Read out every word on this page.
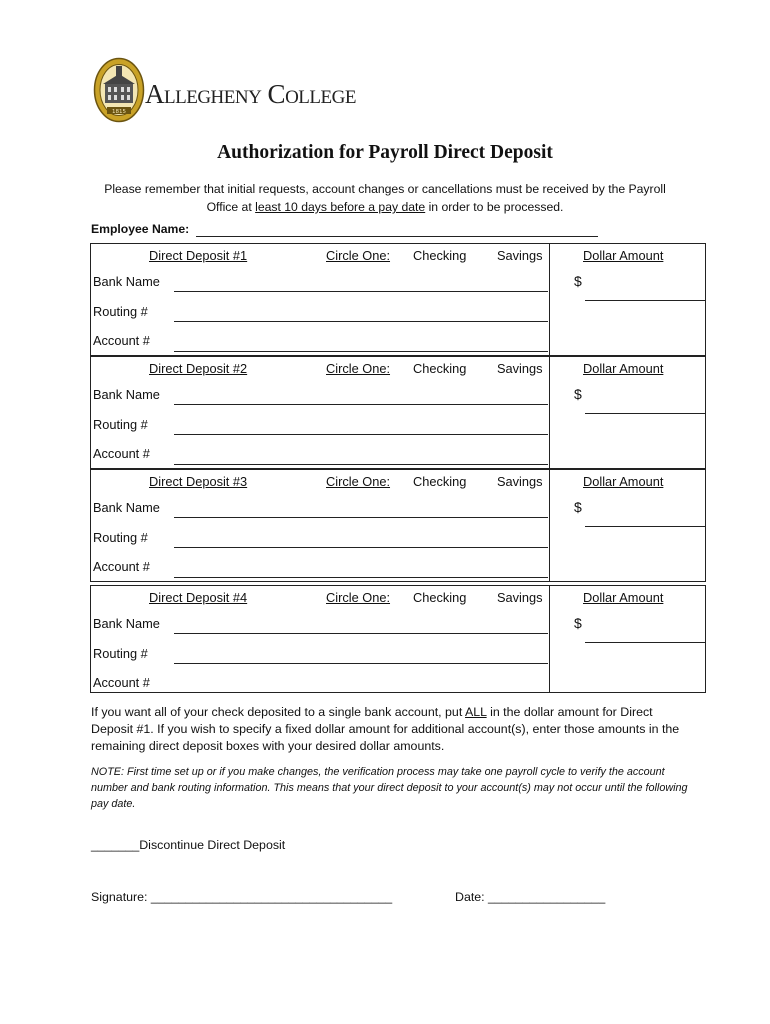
1815
Allegheny College
Authorization for Payroll Direct Deposit
Please remember that initial requests, account changes or cancellations must be received by the Payroll
Office at least 10 days before a pay date in order to be processed.
Employee Name:
Direct Deposit #1	Circle One: Checking Savings	Dollar Amount
$
Bank Name
Routing #
Account #
Direct Deposit #2	Circle One: Checking Savings	Dollar Amount
$
Bank Name
Routing #
Account #
Direct Deposit #3	Circle One: Checking Savings	Dollar Amount
$
Bank Name
Routing #
Account #
Direct Deposit #4	Circle One: Checking Savings	Dollar Amount
$
Bank Name
Routing #
Account #
If you want all of your check deposited to a single bank account, put ALL in the dollar amount for Direct Deposit #1. If you wish to specify a fixed dollar amount for additional account(s), enter those amounts in the remaining direct deposit boxes with your desired dollar amounts.
NOTE: First time set up or if you make changes, the verification process may take one payroll cycle to verify the account number and bank routing information. This means that your direct deposit to your account(s) may not occur until the following pay date.
_______Discontinue Direct Deposit
Signature: ___________________________________	Date: _________________
